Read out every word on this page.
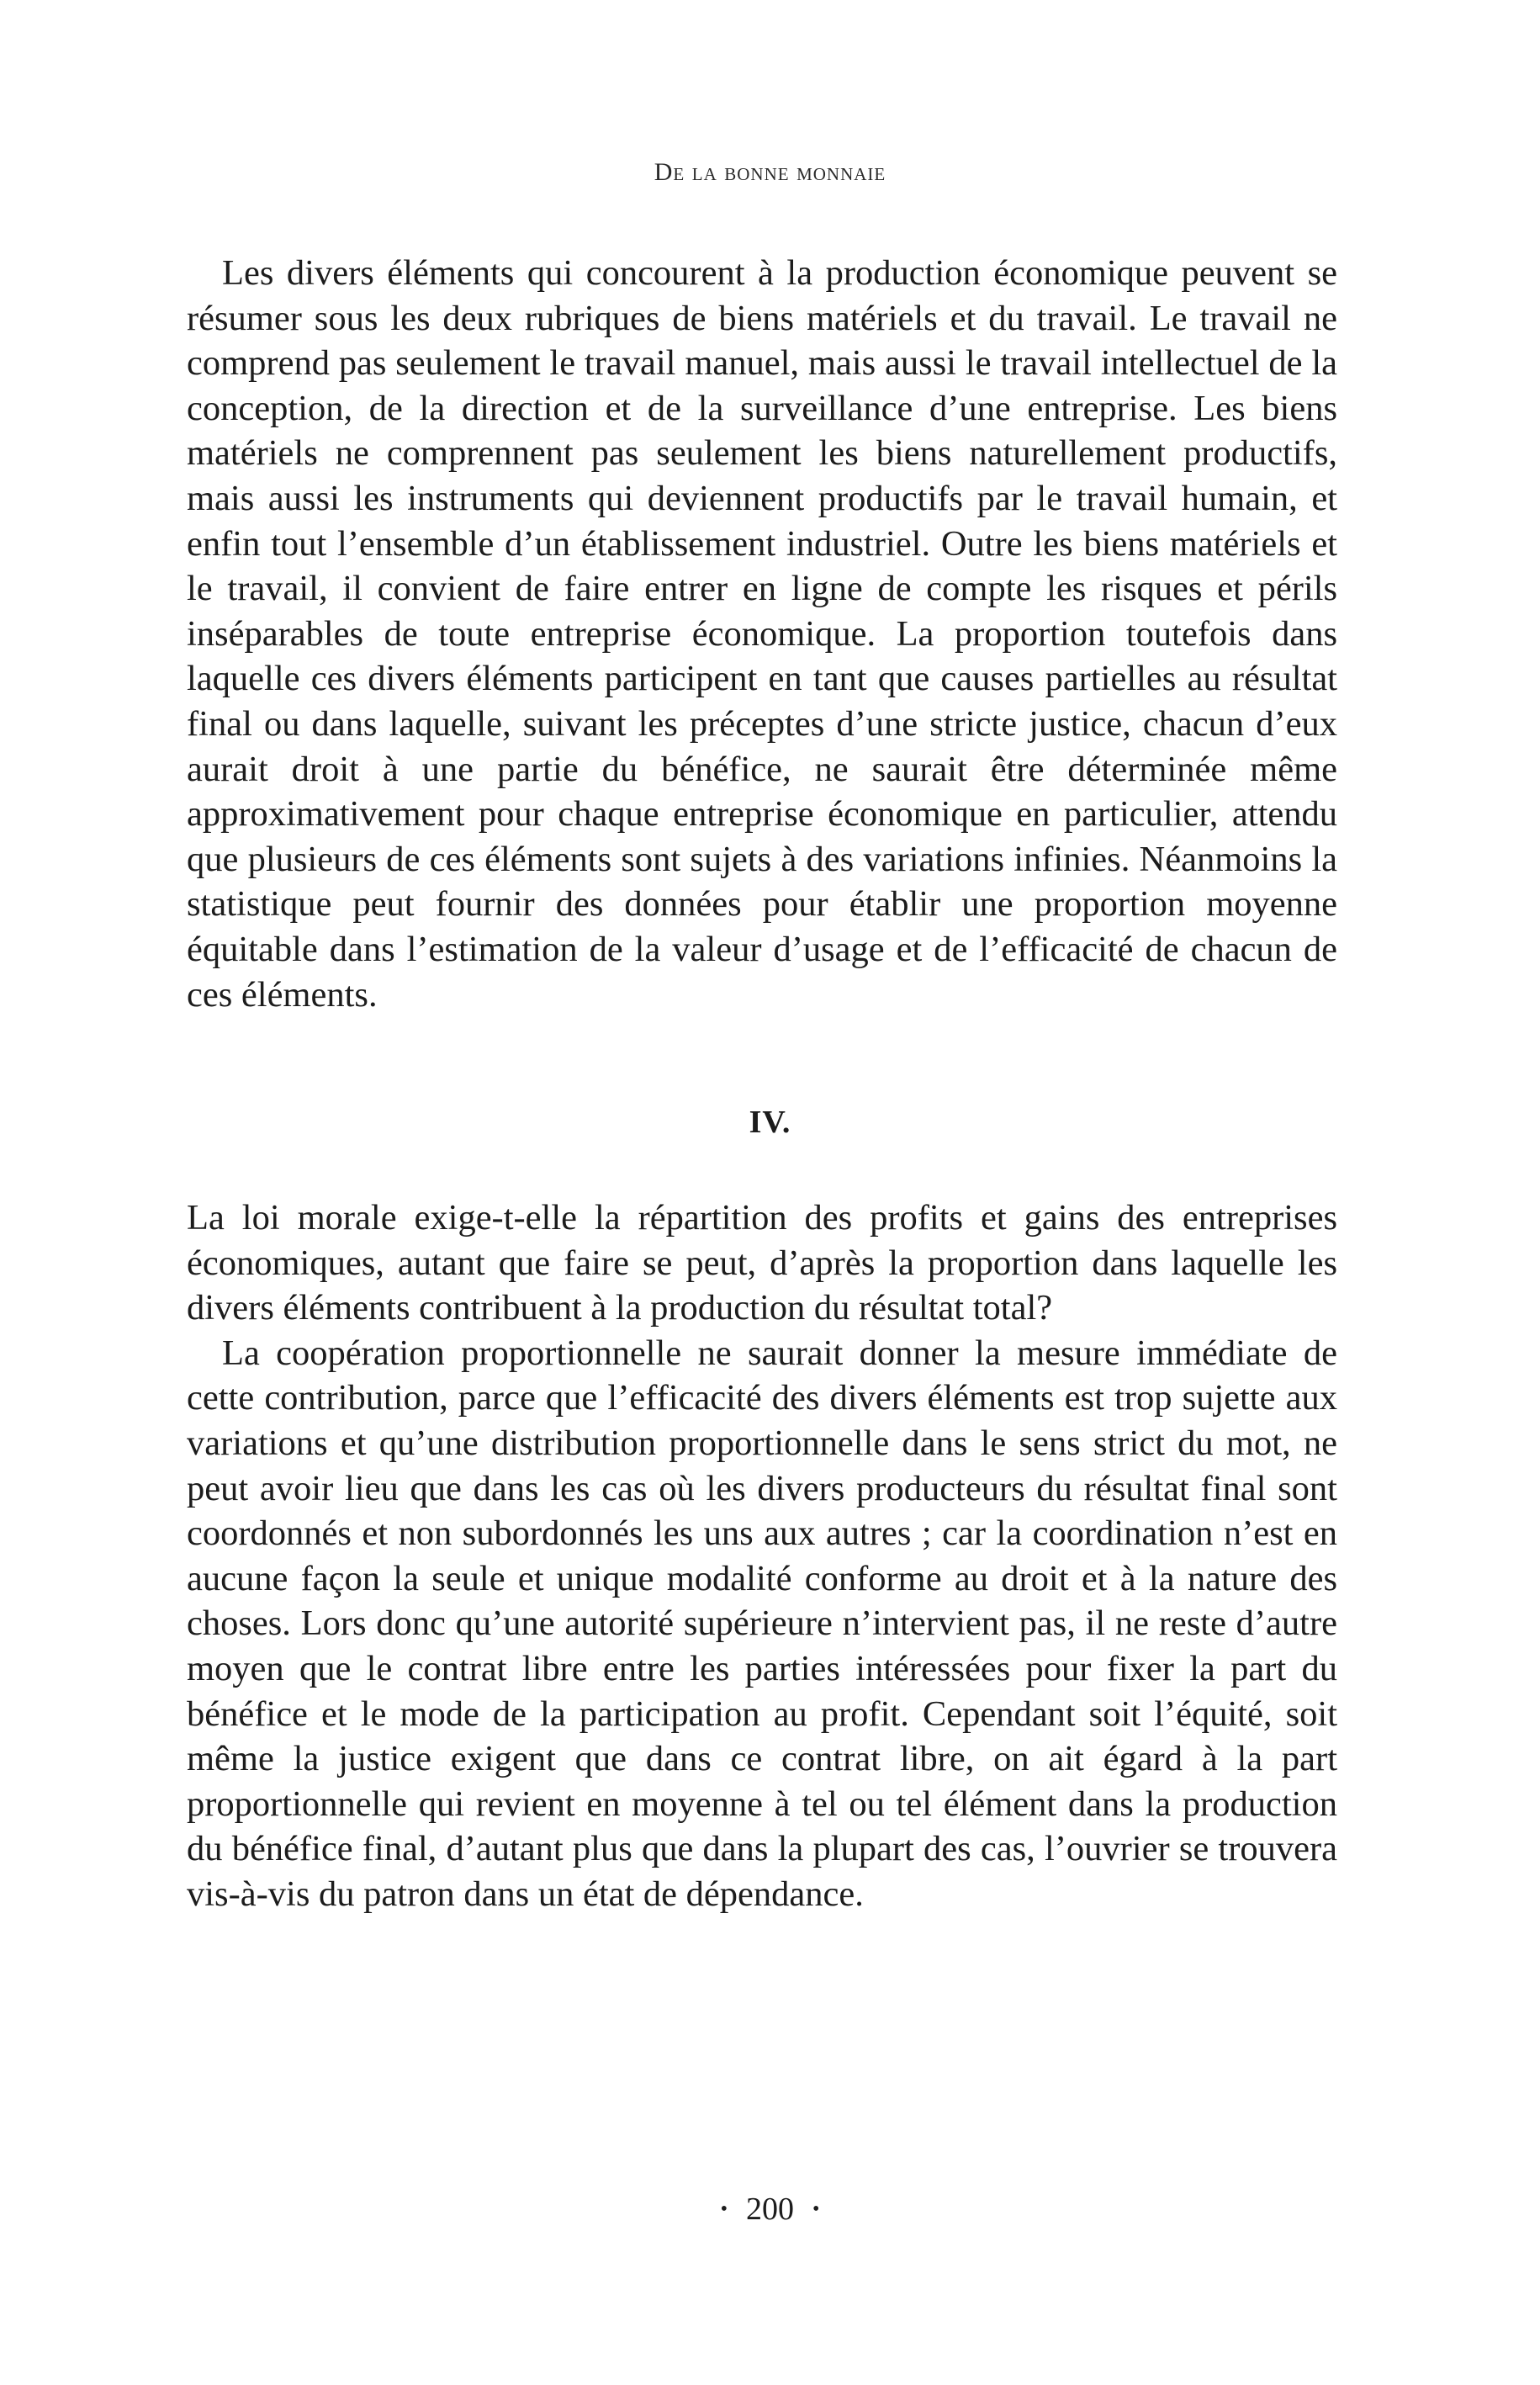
De la bonne monnaie

Les divers éléments qui concourent à la production économique peuvent se résumer sous les deux rubriques de biens matériels et du travail. Le travail ne comprend pas seulement le travail manuel, mais aussi le travail intellectuel de la conception, de la direction et de la surveillance d’une entreprise. Les biens matériels ne comprennent pas seulement les biens naturellement productifs, mais aussi les instruments qui deviennent productifs par le travail humain, et enfin tout l’ensemble d’un établissement industriel. Outre les biens matériels et le travail, il convient de faire entrer en ligne de compte les risques et périls inséparables de toute entreprise économique. La proportion toutefois dans laquelle ces divers éléments participent en tant que causes partielles au résultat final ou dans laquelle, suivant les préceptes d’une stricte justice, chacun d’eux aurait droit à une partie du bénéfice, ne saurait être déterminée même approximativement pour chaque entreprise économique en particulier, attendu que plusieurs de ces éléments sont sujets à des variations infinies. Néanmoins la statistique peut fournir des données pour établir une proportion moyenne équitable dans l’estimation de la valeur d’usage et de l’efficacité de chacun de ces éléments.

IV.

La loi morale exige-t-elle la répartition des profits et gains des entreprises économiques, autant que faire se peut, d’après la proportion dans laquelle les divers éléments contribuent à la production du résultat total?

La coopération proportionnelle ne saurait donner la mesure immédiate de cette contribution, parce que l’efficacité des divers éléments est trop sujette aux variations et qu’une distribution proportionnelle dans le sens strict du mot, ne peut avoir lieu que dans les cas où les divers producteurs du résultat final sont coordonnés et non subordonnés les uns aux autres ; car la coordination n’est en aucune façon la seule et unique modalité conforme au droit et à la nature des choses. Lors donc qu’une autorité supérieure n’intervient pas, il ne reste d’autre moyen que le contrat libre entre les parties intéressées pour fixer la part du bénéfice et le mode de la participation au profit. Cependant soit l’équité, soit même la justice exigent que dans ce contrat libre, on ait égard à la part proportionnelle qui revient en moyenne à tel ou tel élément dans la production du bénéfice final, d’autant plus que dans la plupart des cas, l’ouvrier se trouvera vis-à-vis du patron dans un état de dépendance.

• 200 •
